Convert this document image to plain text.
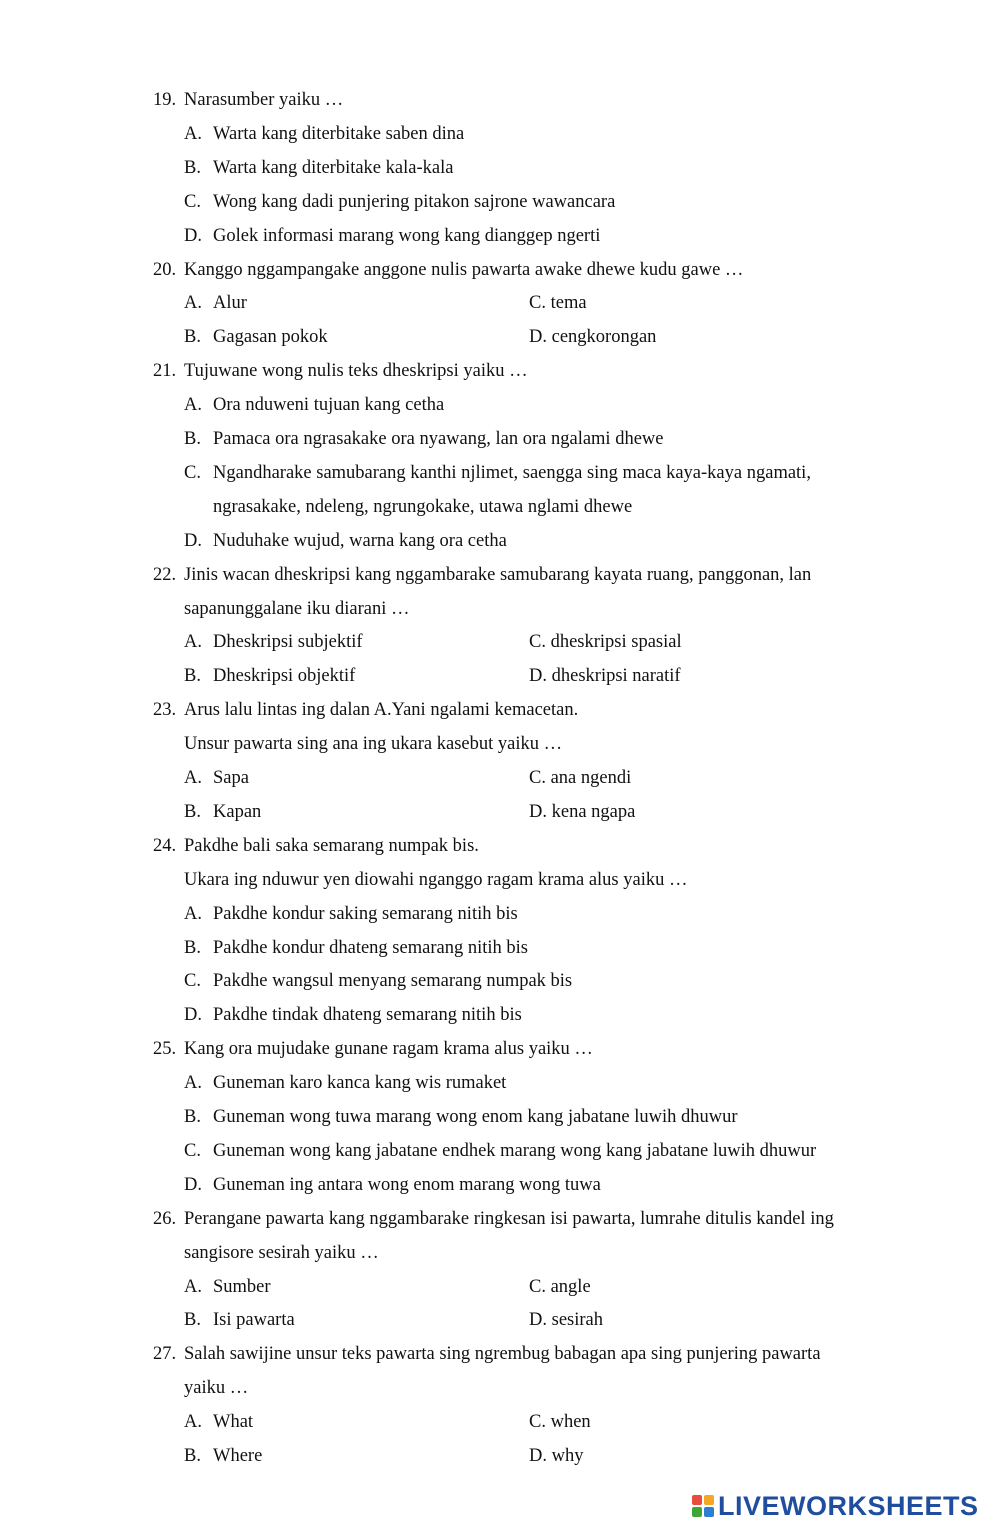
19. Narasumber yaiku …
A. Warta kang diterbitake saben dina
B. Warta kang diterbitake kala-kala
C. Wong kang dadi punjering pitakon sajrone wawancara
D. Golek informasi marang wong kang dianggep ngerti
20. Kanggo nggampangake anggone nulis pawarta awake dhewe kudu gawe …
A. Alur	C. tema
B. Gagasan pokok	D. cengkorongan
21. Tujuwane wong nulis teks dheskripsi yaiku …
A. Ora nduweni tujuan kang cetha
B. Pamaca ora ngrasakake ora nyawang, lan ora ngalami dhewe
C. Ngandharake samubarang kanthi njlimet, saengga sing maca kaya-kaya ngamati,
ngrasakake, ndeleng, ngrungokake, utawa nglami dhewe
D. Nuduhake wujud, warna kang ora cetha
22. Jinis wacan dheskripsi kang nggambarake samubarang kayata ruang, panggonan, lan
sapanunggalane iku diarani …
A. Dheskripsi subjektif	C. dheskripsi spasial
B. Dheskripsi objektif	D. dheskripsi naratif
23. Arus lalu lintas ing dalan A.Yani ngalami kemacetan.
Unsur pawarta sing ana ing ukara kasebut yaiku …
A. Sapa	C. ana ngendi
B. Kapan	D. kena ngapa
24. Pakdhe bali saka semarang numpak bis.
Ukara ing nduwur yen diowahi nganggo ragam krama alus yaiku …
A. Pakdhe kondur saking semarang nitih bis
B. Pakdhe kondur dhateng semarang nitih bis
C. Pakdhe wangsul menyang semarang numpak bis
D. Pakdhe tindak dhateng semarang nitih bis
25. Kang ora mujudake gunane ragam krama alus yaiku …
A. Guneman karo kanca kang wis rumaket
B. Guneman wong tuwa marang wong enom kang jabatane luwih dhuwur
C. Guneman wong kang jabatane endhek marang wong kang jabatane luwih dhuwur
D. Guneman ing antara wong enom marang wong tuwa
26. Perangane pawarta kang nggambarake ringkesan isi pawarta, lumrahe ditulis kandel ing
sangisore sesirah yaiku …
A. Sumber	C. angle
B. Isi pawarta	D. sesirah
27. Salah sawijine unsur teks pawarta sing ngrembug babagan apa sing punjering pawarta
yaiku …
A. What	C. when
B. Where	D. why
LIVEWORKSHEETS
